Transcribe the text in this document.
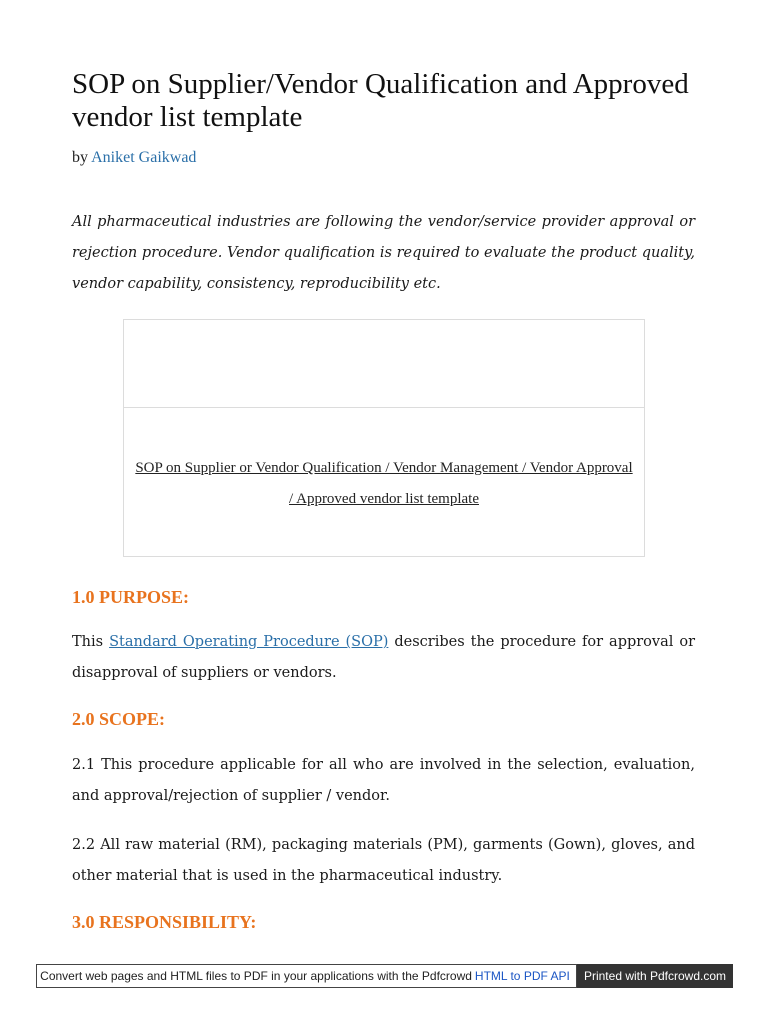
SOP on Supplier/Vendor Qualification and Approved vendor list template
by Aniket Gaikwad

All pharmaceutical industries are following the vendor/service provider approval or rejection procedure. Vendor qualification is required to evaluate the product quality, vendor capability, consistency, reproducibility etc.

SOP on Supplier or Vendor Qualification / Vendor Management / Vendor Approval / Approved vendor list template
1.0 PURPOSE:

This Standard Operating Procedure (SOP) describes the procedure for approval or disapproval of suppliers or vendors.

2.0 SCOPE:

2.1 This procedure applicable for all who are involved in the selection, evaluation, and approval/rejection of supplier / vendor.

2.2 All raw material (RM), packaging materials (PM), garments (Gown), gloves, and other material that is used in the pharmaceutical industry.

3.0 RESPONSIBILITY:
Convert web pages and HTML files to PDF in your applications with the Pdfcrowd HTML to PDF API	Printed with Pdfcrowd.com
